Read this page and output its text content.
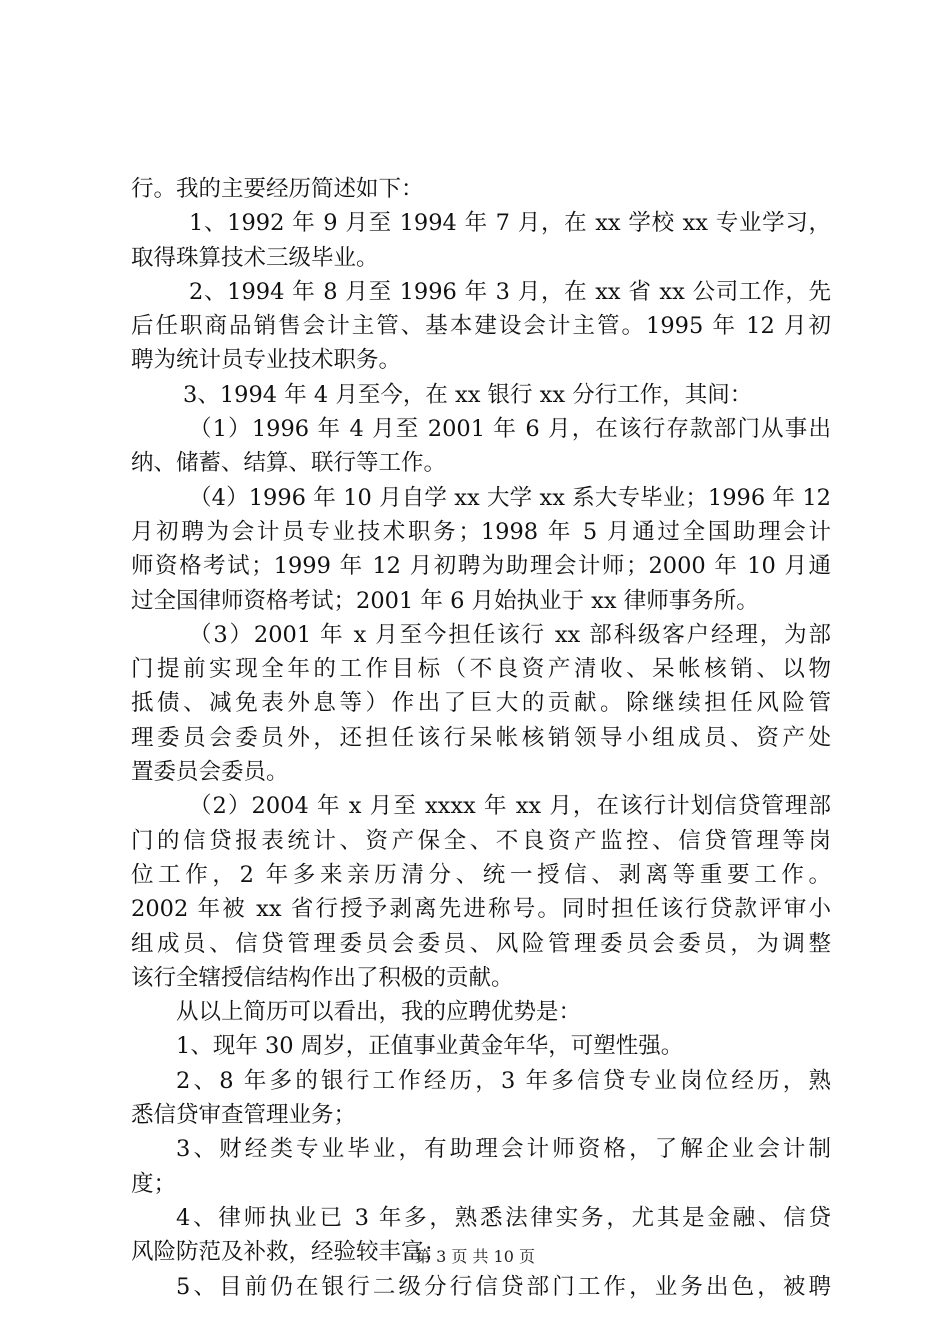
行。我的主要经历简述如下：
1、1992 年 9 月至 1994 年 7 月，在 xx 学校 xx 专业学习，
取得珠算技术三级毕业。
2、1994 年 8 月至 1996 年 3 月，在 xx 省 xx 公司工作，先
后任职商品销售会计主管、基本建设会计主管。1995 年 12 月初
聘为统计员专业技术职务。
3、1994 年 4 月至今，在 xx 银行 xx 分行工作，其间：
（1）1996 年 4 月至 2001 年 6 月，在该行存款部门从事出
纳、储蓄、结算、联行等工作。
（4）1996 年 10 月自学 xx 大学 xx 系大专毕业；1996 年 12
月初聘为会计员专业技术职务；1998 年 5 月通过全国助理会计
师资格考试；1999 年 12 月初聘为助理会计师；2000 年 10 月通
过全国律师资格考试；2001 年 6 月始执业于 xx 律师事务所。
（3）2001 年 x 月至今担任该行 xx 部科级客户经理，为部
门提前实现全年的工作目标（不良资产清收、呆帐核销、以物
抵债、减免表外息等）作出了巨大的贡献。除继续担任风险管
理委员会委员外，还担任该行呆帐核销领导小组成员、资产处
置委员会委员。
（2）2004 年 x 月至 xxxx 年 xx 月，在该行计划信贷管理部
门的信贷报表统计、资产保全、不良资产监控、信贷管理等岗
位工作，2 年多来亲历清分、统一授信、剥离等重要工作。
2002 年被 xx 省行授予剥离先进称号。同时担任该行贷款评审小
组成员、信贷管理委员会委员、风险管理委员会委员，为调整
该行全辖授信结构作出了积极的贡献。
从以上简历可以看出，我的应聘优势是：
1、现年 30 周岁，正值事业黄金年华，可塑性强。
2、8 年多的银行工作经历，3 年多信贷专业岗位经历，熟
悉信贷审查管理业务；
3、财经类专业毕业，有助理会计师资格，了解企业会计制
度；
4、律师执业已 3 年多，熟悉法律实务，尤其是金融、信贷
风险防范及补救，经验较丰富；
5、目前仍在银行二级分行信贷部门工作，业务出色，被聘
第 3 页 共 10 页
